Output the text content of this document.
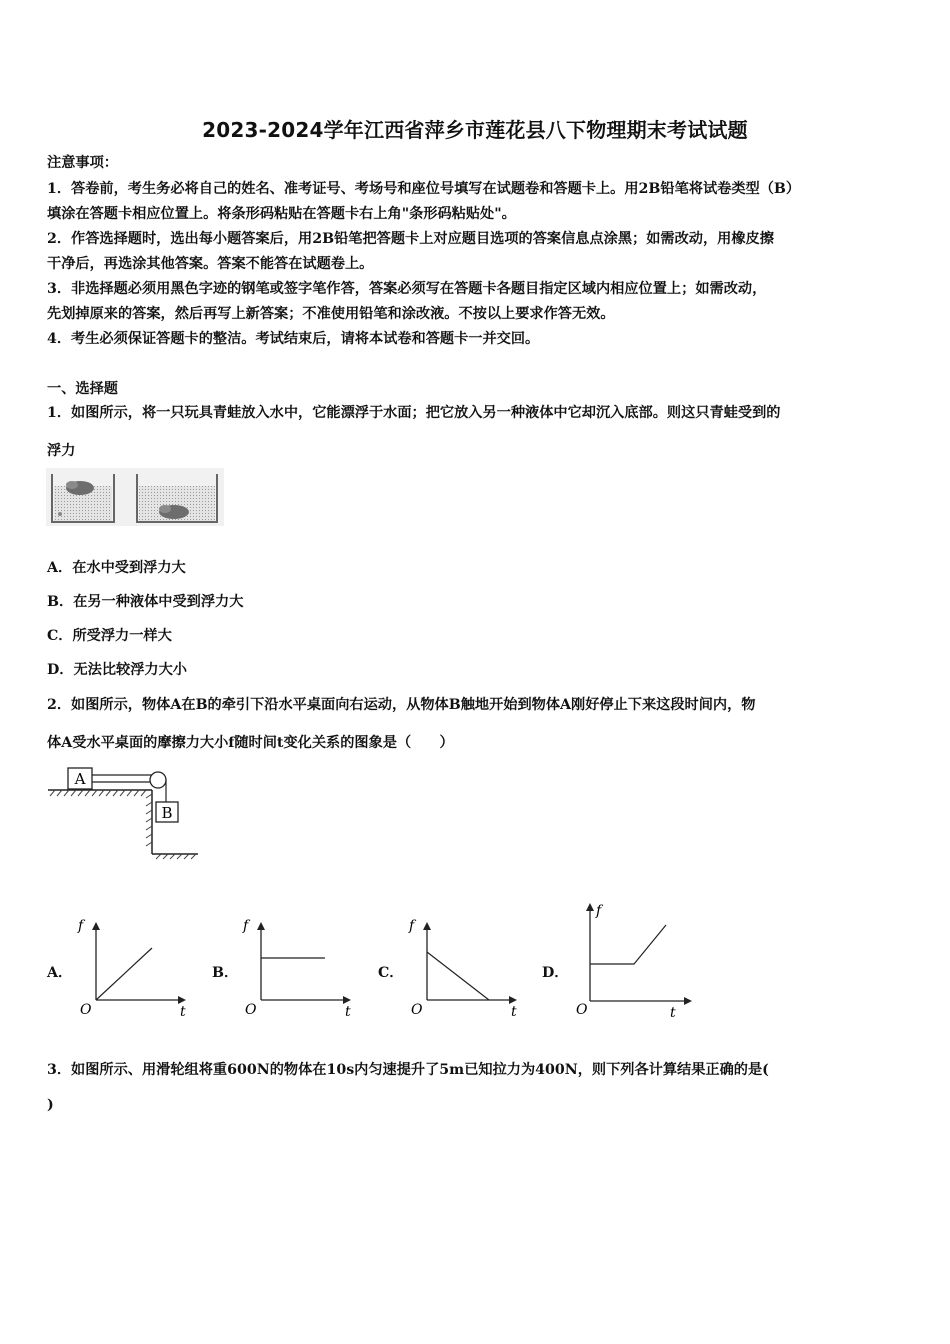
2023-2024学年江西省萍乡市莲花县八下物理期末考试试题
注意事项：
1．答卷前，考生务必将自己的姓名、准考证号、考场号和座位号填写在试题卷和答题卡上。用2B铅笔将试卷类型（B）
填涂在答题卡相应位置上。将条形码粘贴在答题卡右上角"条形码粘贴处"。
2．作答选择题时，选出每小题答案后，用2B铅笔把答题卡上对应题目选项的答案信息点涂黑；如需改动，用橡皮擦
干净后，再选涂其他答案。答案不能答在试题卷上。
3．非选择题必须用黑色字迹的钢笔或签字笔作答，答案必须写在答题卡各题目指定区域内相应位置上；如需改动，
先划掉原来的答案，然后再写上新答案；不准使用铅笔和涂改液。不按以上要求作答无效。
4．考生必须保证答题卡的整洁。考试结束后，请将本试卷和答题卡一并交回。
一、选择题
1．如图所示，将一只玩具青蛙放入水中，它能漂浮于水面；把它放入另一种液体中它却沉入底部。则这只青蛙受到的
浮力
A．在水中受到浮力大
B．在另一种液体中受到浮力大
C．所受浮力一样大
D．无法比较浮力大小
2．如图所示，物体A在B的牵引下沿水平桌面向右运动，从物体B触地开始到物体A刚好停止下来这段时间内，物
体A受水平桌面的摩擦力大小f随时间t变化关系的图象是（　　）
A
B
A．	B．	C．	D．
f
O	t
f
O	t
f
O	t
f
O	t
3．如图所示、用滑轮组将重600N的物体在10s内匀速提升了5m已知拉力为400N，则下列各计算结果正确的是(
)
